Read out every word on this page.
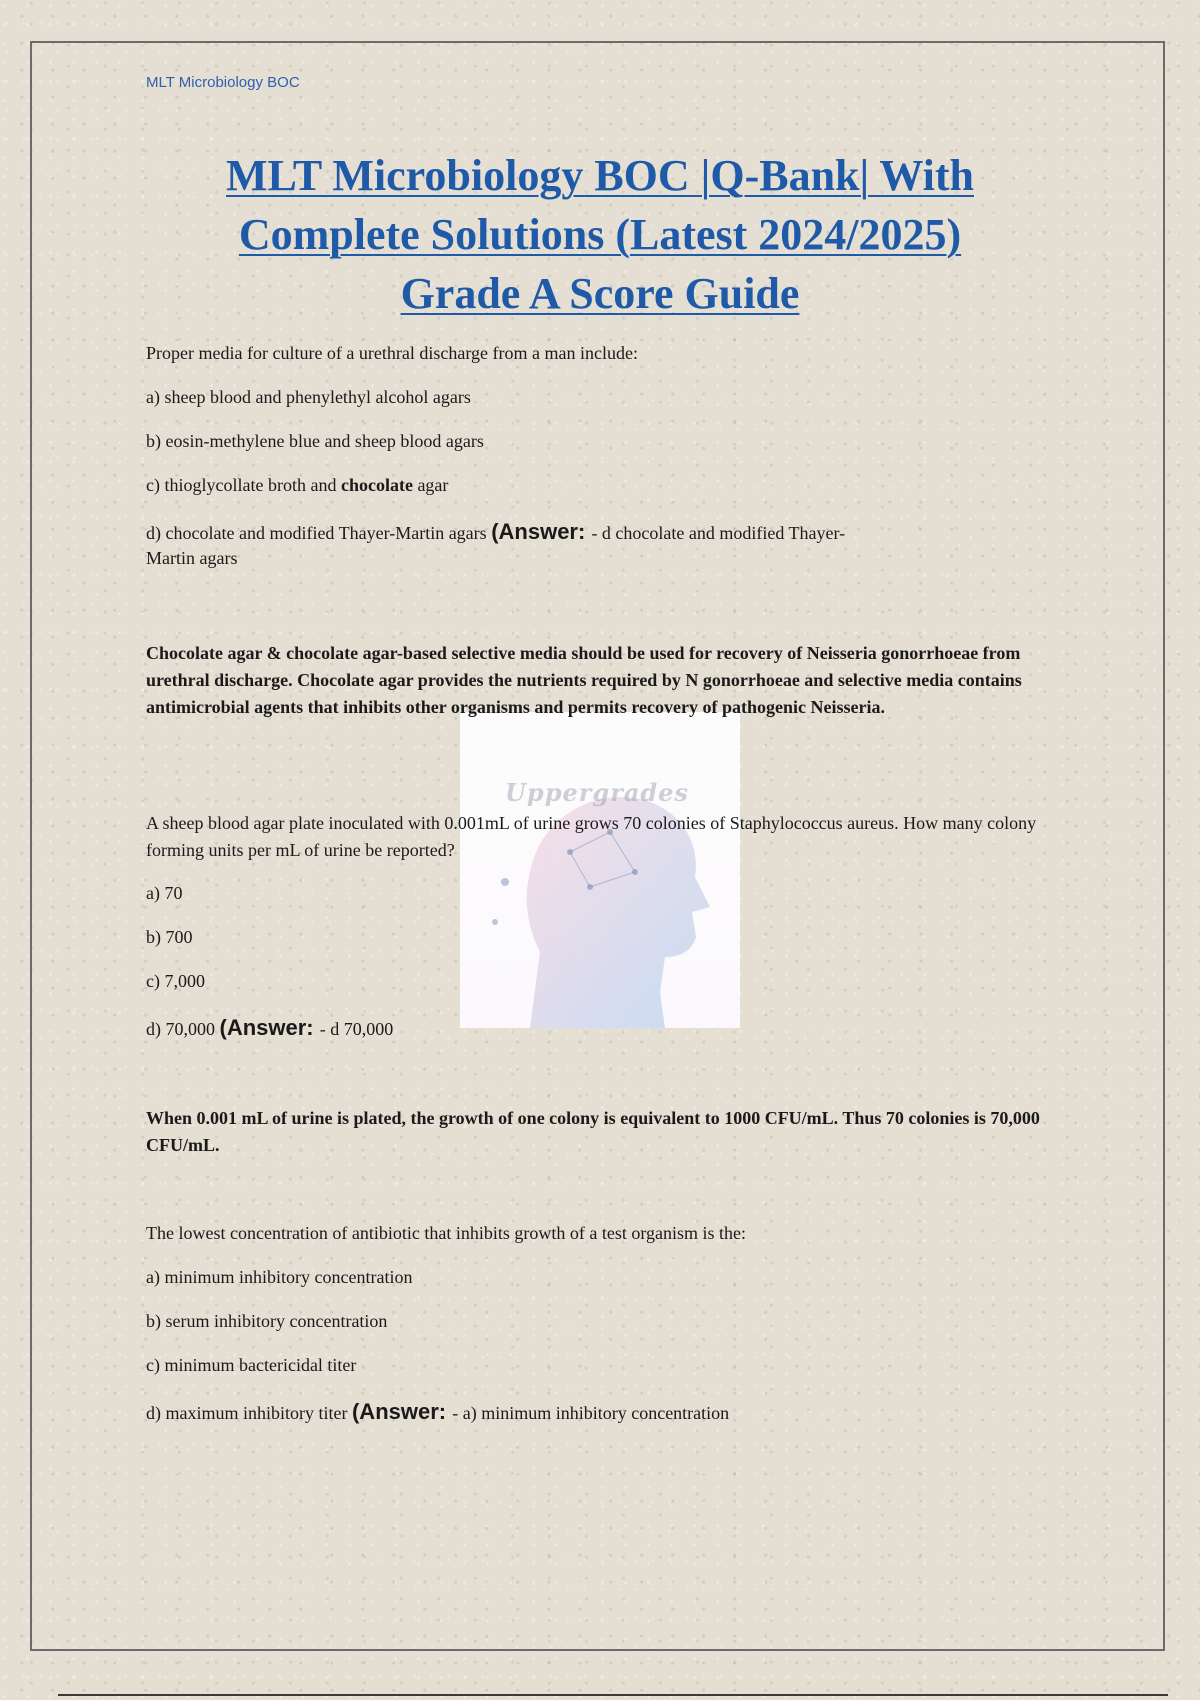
MLT Microbiology BOC
MLT Microbiology BOC |Q-Bank| With
Complete Solutions (Latest 2024/2025)
Grade A Score Guide
Uppergrades
Proper media for culture of a urethral discharge from a man include:
a) sheep blood and phenylethyl alcohol agars
b) eosin-methylene blue and sheep blood agars
c) thioglycollate broth and chocolate agar
d) chocolate and modified Thayer-Martin agars (Answer: - d chocolate and modified Thayer-
Martin agars
Chocolate agar & chocolate agar-based selective media should be used for recovery of Neisseria gonorrhoeae from urethral discharge. Chocolate agar provides the nutrients required by N gonorrhoeae and selective media contains antimicrobial agents that inhibits other organisms and permits recovery of pathogenic Neisseria.
A sheep blood agar plate inoculated with 0.001mL of urine grows 70 colonies of Staphylococcus aureus. How many colony forming units per mL of urine be reported?
a) 70
b) 700
c) 7,000
d) 70,000 (Answer: - d 70,000
When 0.001 mL of urine is plated, the growth of one colony is equivalent to 1000 CFU/mL. Thus 70 colonies is 70,000 CFU/mL.
The lowest concentration of antibiotic that inhibits growth of a test organism is the:
a) minimum inhibitory concentration
b) serum inhibitory concentration
c) minimum bactericidal titer
d) maximum inhibitory titer (Answer: - a) minimum inhibitory concentration
